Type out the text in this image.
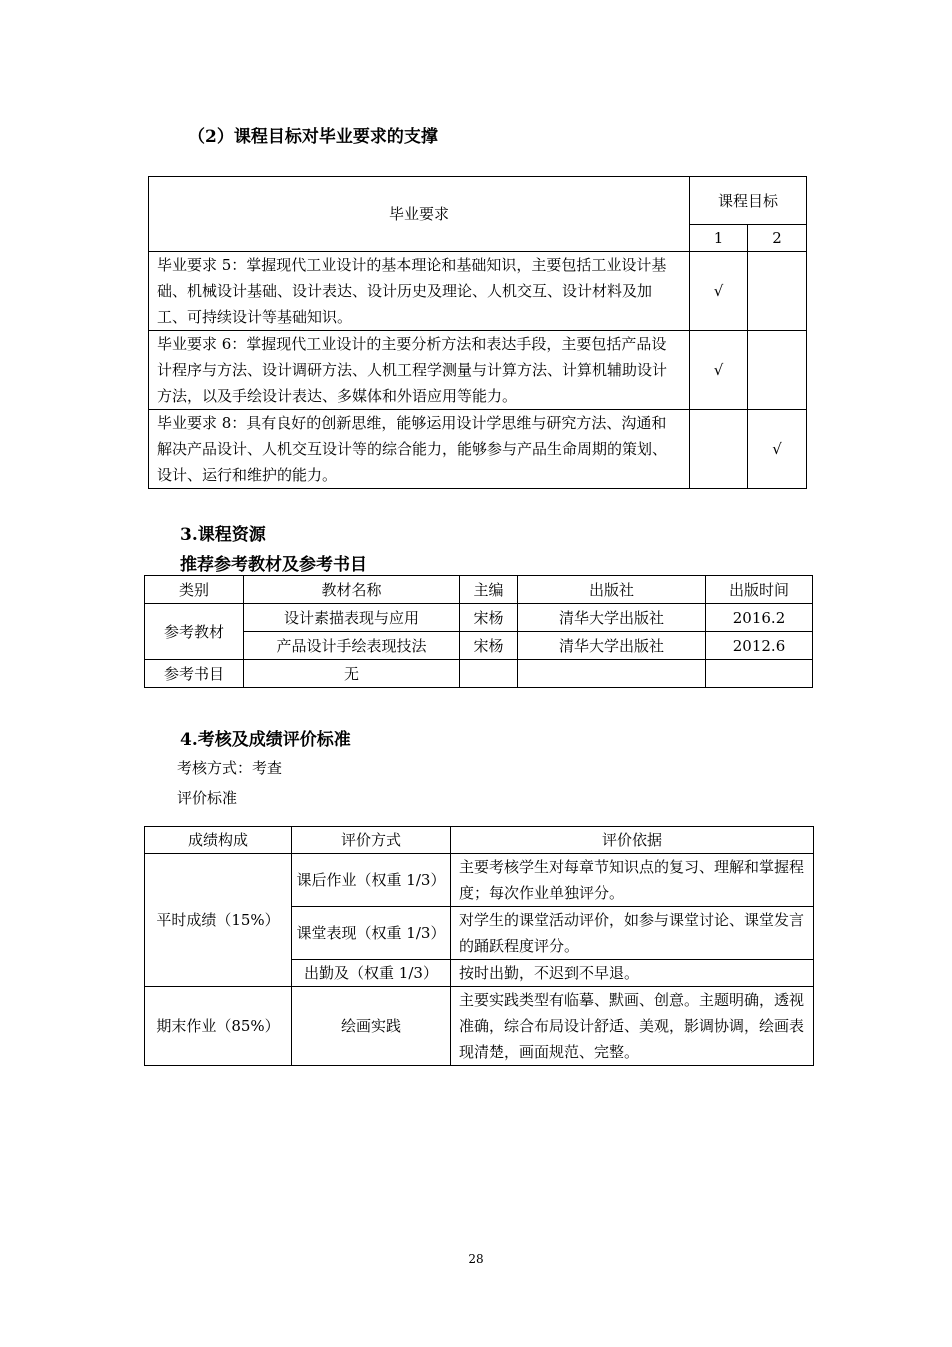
（2）课程目标对毕业要求的支撑
毕业要求	课程目标	
	1	2
毕业要求 5：掌握现代工业设计的基本理论和基础知识，主要包括工业设计基础、机械设计基础、设计表达、设计历史及理论、人机交互、设计材料及加工、可持续设计等基础知识。	√	
毕业要求 6：掌握现代工业设计的主要分析方法和表达手段，主要包括产品设计程序与方法、设计调研方法、人机工程学测量与计算方法、计算机辅助设计方法，以及手绘设计表达、多媒体和外语应用等能力。	√	
毕业要求 8：具有良好的创新思维，能够运用设计学思维与研究方法、沟通和解决产品设计、人机交互设计等的综合能力，能够参与产品生命周期的策划、设计、运行和维护的能力。		√
3.课程资源
推荐参考教材及参考书目
类别	教材名称	主编	出版社	出版时间
参考教材	设计素描表现与应用	宋杨	清华大学出版社	2016.2
	产品设计手绘表现技法	宋杨	清华大学出版社	2012.6
参考书目	无			
4.考核及成绩评价标准
考核方式：考查
评价标准
成绩构成	评价方式	评价依据
平时成绩（15%）	课后作业（权重 1/3）	主要考核学生对每章节知识点的复习、理解和掌握程度；每次作业单独评分。
	课堂表现（权重 1/3）	对学生的课堂活动评价，如参与课堂讨论、课堂发言的踊跃程度评分。
	出勤及（权重 1/3）	按时出勤，不迟到不早退。
期末作业（85%）	绘画实践	主要实践类型有临摹、默画、创意。主题明确，透视准确，综合布局设计舒适、美观，影调协调，绘画表现清楚，画面规范、完整。
28
